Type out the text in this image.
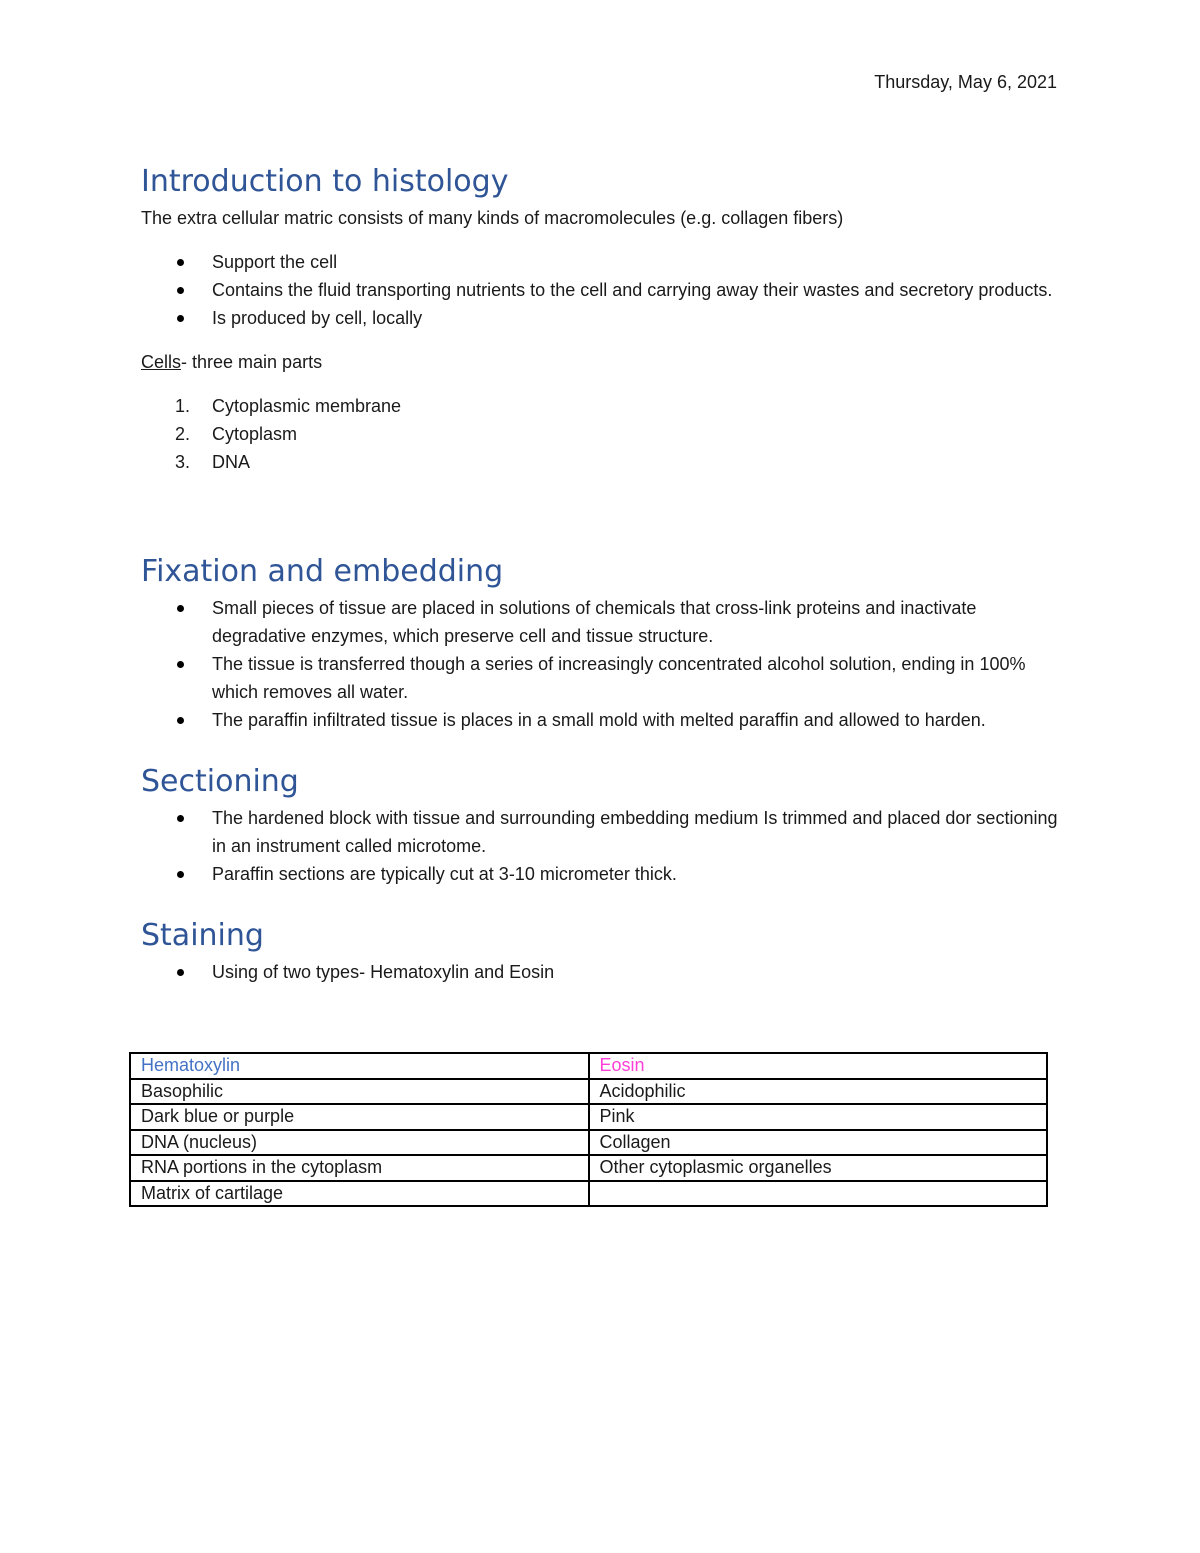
Thursday, May 6, 2021
Introduction to histology

The extra cellular matric consists of many kinds of macromolecules (e.g. collagen fibers)

Support the cell
Contains the fluid transporting nutrients to the cell and carrying away their wastes and secretory products.
Is produced by cell, locally

Cells- three main parts

1. Cytoplasmic membrane
2. Cytoplasm
3. DNA
Fixation and embedding
Small pieces of tissue are placed in solutions of chemicals that cross-link proteins and inactivate degradative enzymes, which preserve cell and tissue structure.
The tissue is transferred though a series of increasingly concentrated alcohol solution, ending in 100% which removes all water.
The paraffin infiltrated tissue is places in a small mold with melted paraffin and allowed to harden.
Sectioning
The hardened block with tissue and surrounding embedding medium Is trimmed and placed dor sectioning in an instrument called microtome.
Paraffin sections are typically cut at 3-10 micrometer thick.
Staining
Using of two types- Hematoxylin and Eosin
Hematoxylin	Eosin
Basophilic	Acidophilic
Dark blue or purple	Pink
DNA (nucleus)	Collagen
RNA portions in the cytoplasm	Other cytoplasmic organelles
Matrix of cartilage	
